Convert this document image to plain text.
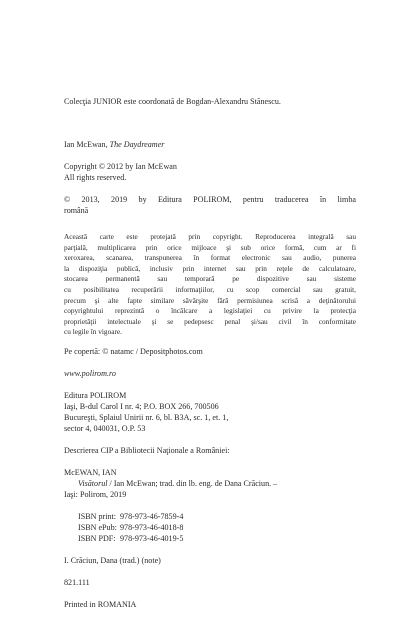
Colecţia JUNIOR este coordonată de Bogdan-Alexandru Stănescu.
Ian McEwan, The Daydreamer
Copyright © 2012 by Ian McEwan
All rights reserved.
© 2013, 2019 by Editura POLIROM, pentru traducerea în limba
română
Această carte este protejată prin copyright. Reproducerea integrală sau
parţială, multiplicarea prin orice mijloace şi sub orice formă, cum ar fi
xeroxarea, scanarea, transpunerea în format electronic sau audio, punerea
la dispoziţia publică, inclusiv prin internet sau prin reţele de calculatoare,
stocarea permanentă sau temporară pe dispozitive sau sisteme
cu posibilitatea recuperării informaţiilor, cu scop comercial sau gratuit,
precum şi alte fapte similare săvârşite fără permisiunea scrisă a deţinătorului
copyrightului reprezintă o încălcare a legislaţiei cu privire la protecţia
proprietăţii intelectuale şi se pedepsesc penal şi/sau civil în conformitate
cu legile în vigoare.
Pe copertă: © natamc / Depositphotos.com
www.polirom.ro
Editura POLIROM
Iaşi, B-dul Carol I nr. 4; P.O. BOX 266, 700506
Bucureşti, Splaiul Unirii nr. 6, bl. B3A, sc. 1, et. 1,
sector 4, 040031, O.P. 53
Descrierea CIP a Bibliotecii Naţionale a României:
McEWAN, IAN
Visătorul / Ian McEwan; trad. din lb. eng. de Dana Crăciun. –
Iaşi: Polirom, 2019
ISBN print: 978-973-46-7859-4
ISBN ePub: 978-973-46-4018-8
ISBN PDF: 978-973-46-4019-5
I. Crăciun, Dana (trad.) (note)
821.111
Printed in ROMANIA
